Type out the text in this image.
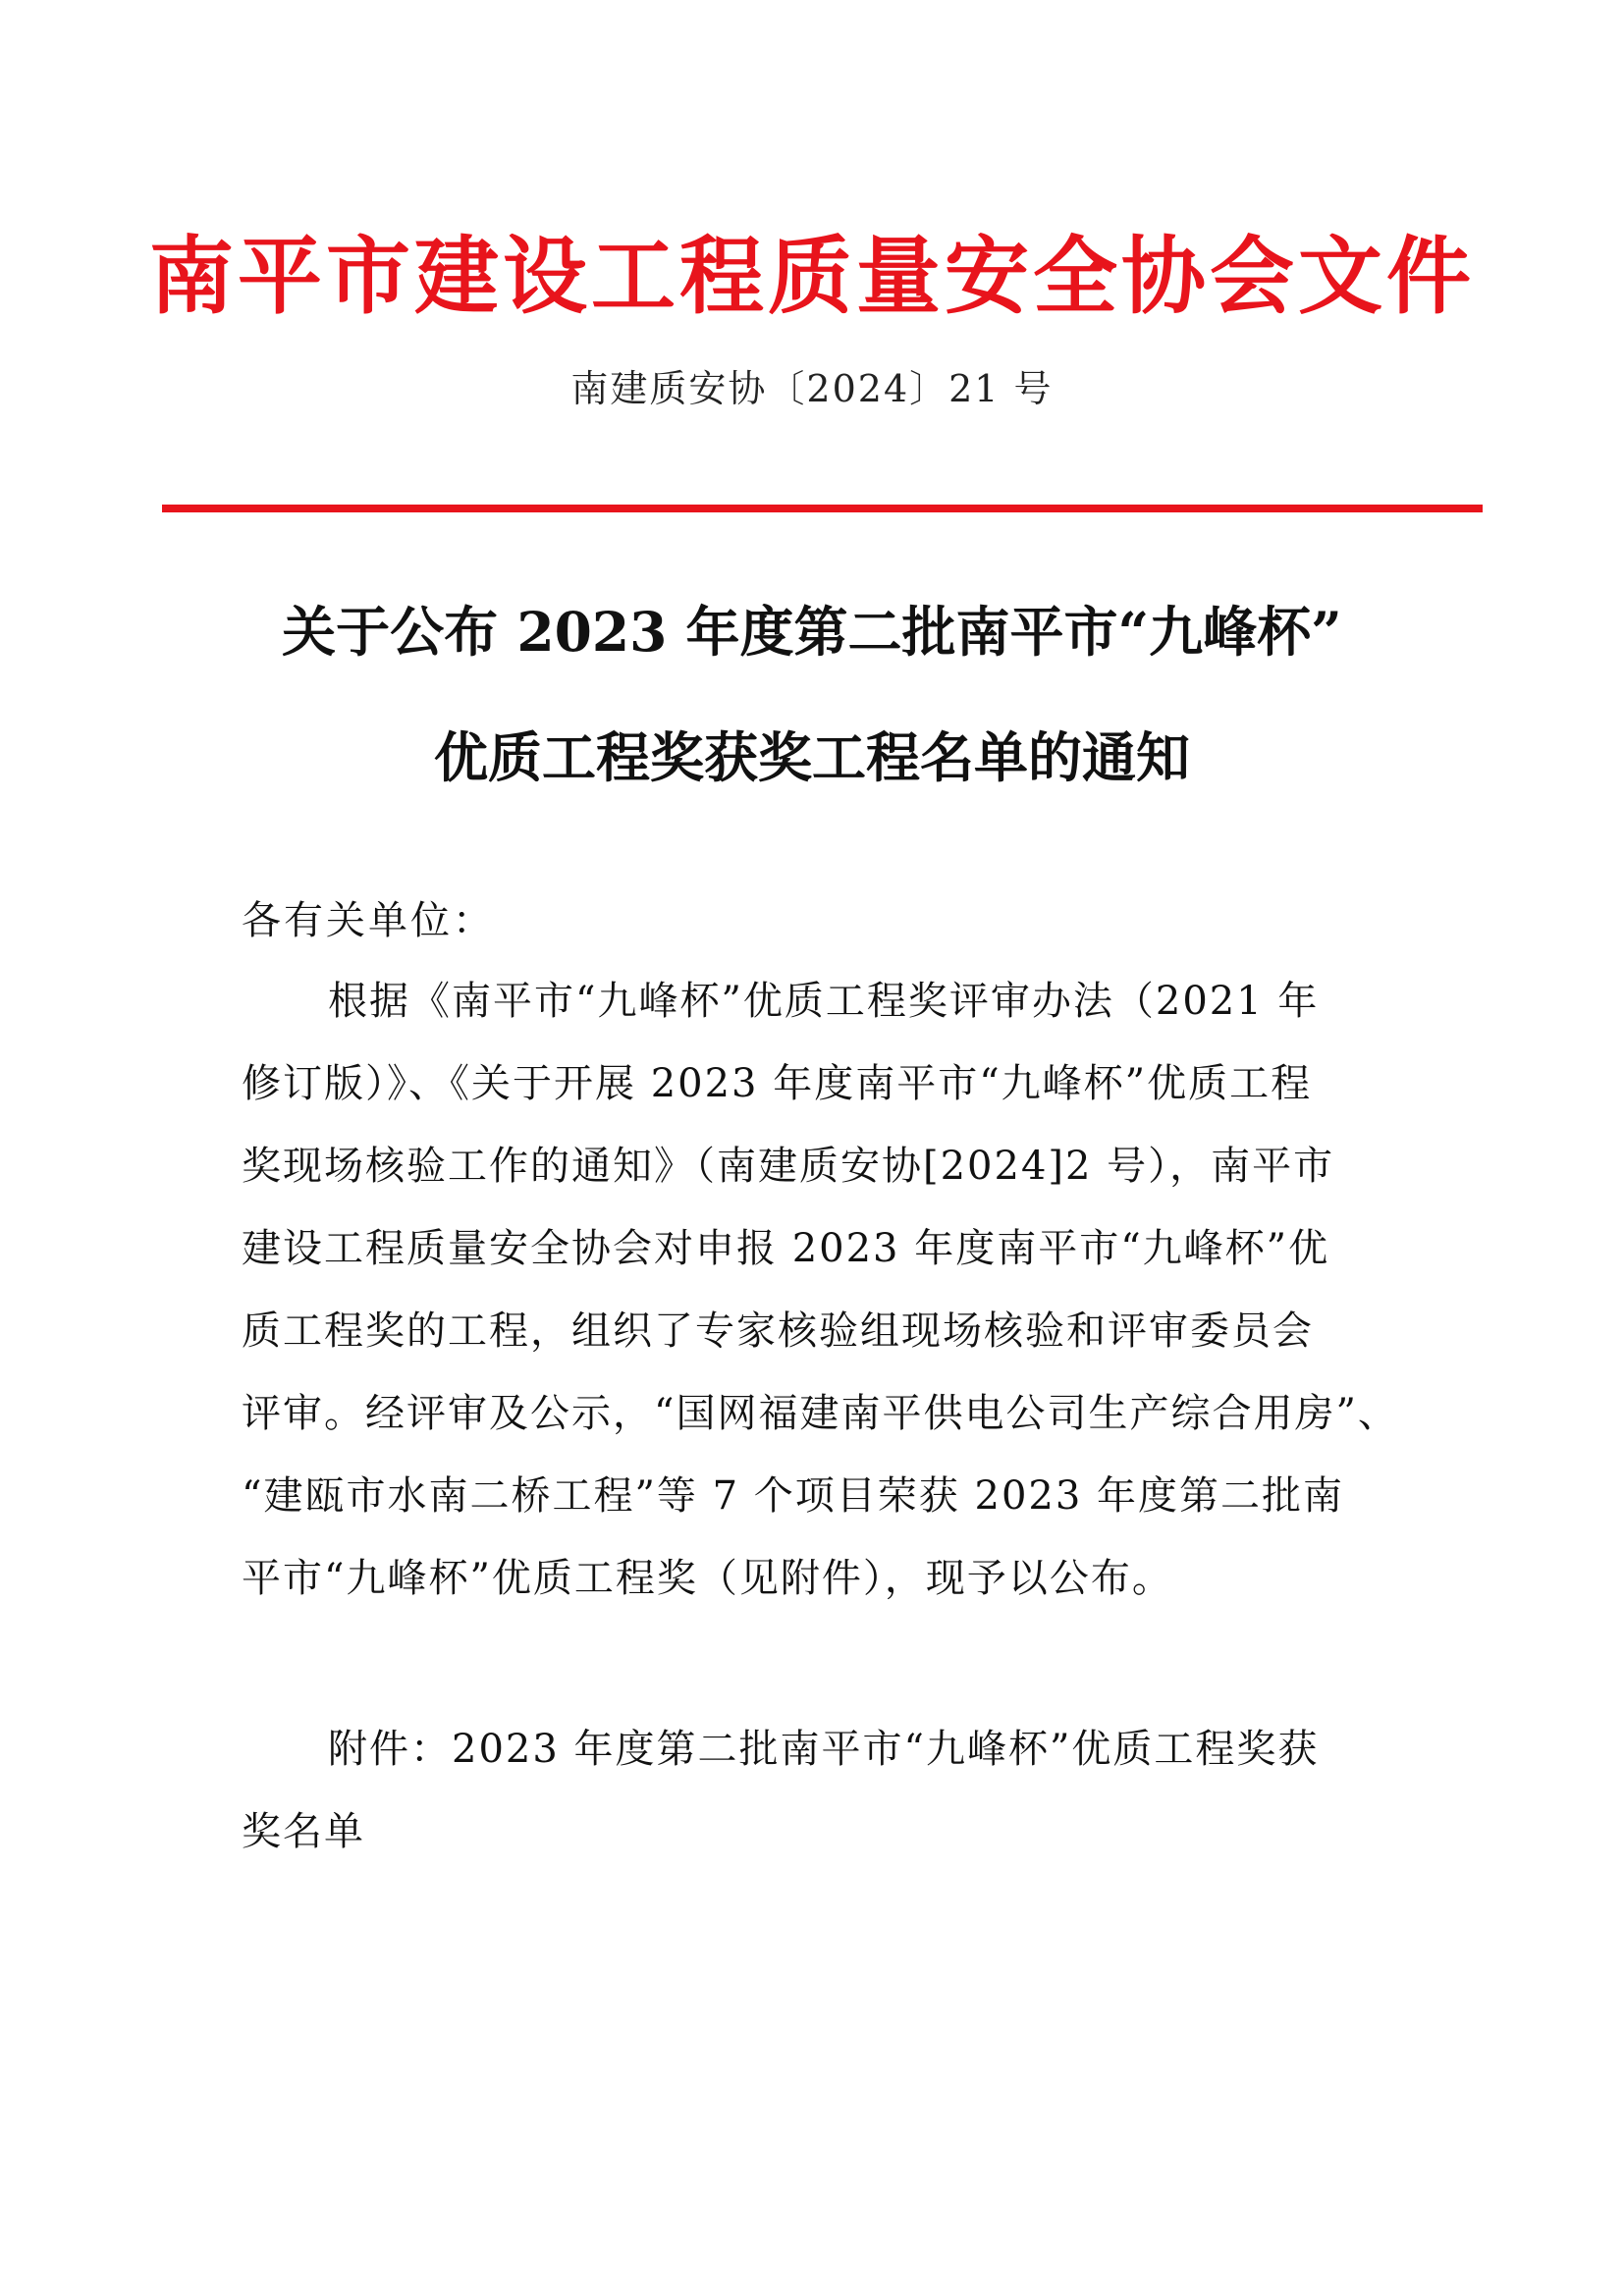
南平市建设工程质量安全协会文件
南建质安协〔2024〕21 号
关于公布 2023 年度第二批南平市“九峰杯”
优质工程奖获奖工程名单的通知
各有关单位：
根据《南平市“九峰杯”优质工程奖评审办法（2021 年
修订版）》、《关于开展 2023 年度南平市“九峰杯”优质工程
奖现场核验工作的通知》（南建质安协[2024]2 号），南平市
建设工程质量安全协会对申报 2023 年度南平市“九峰杯”优
质工程奖的工程，组织了专家核验组现场核验和评审委员会
评审。经评审及公示，“国网福建南平供电公司生产综合用房”、
“建瓯市水南二桥工程”等 7 个项目荣获 2023 年度第二批南
平市“九峰杯”优质工程奖（见附件），现予以公布。
附件：2023 年度第二批南平市“九峰杯”优质工程奖获
奖名单
